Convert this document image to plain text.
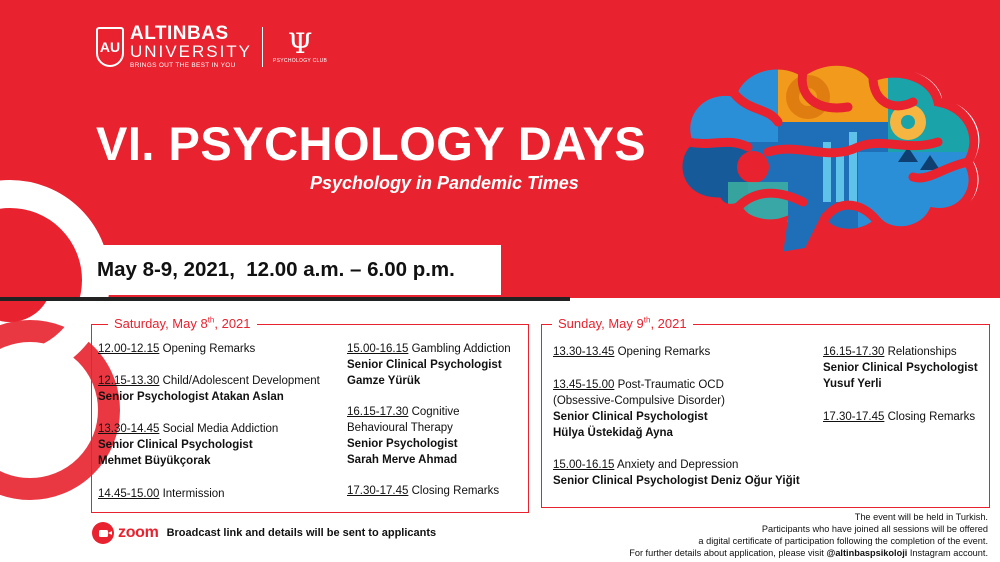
AU
ALTINBAS
UNIVERSITY
BRINGS OUT THE BEST IN YOU
Ψ
PSYCHOLOGY CLUB
VI. PSYCHOLOGY DAYS
Psychology in Pandemic Times
May 8-9, 2021,  12.00 a.m. – 6.00 p.m.
Saturday, May 8th, 2021
12.00-12.15 Opening Remarks
12.15-13.30 Child/Adolescent Development
Senior Psychologist Atakan Aslan
13.30-14.45 Social Media Addiction
Senior Clinical Psychologist
Mehmet Büyükçorak
14.45-15.00 Intermission
15.00-16.15 Gambling Addiction
Senior Clinical Psychologist
Gamze Yürük
16.15-17.30 Cognitive
Behavioural Therapy
Senior Psychologist
Sarah Merve Ahmad
17.30-17.45 Closing Remarks
Sunday, May 9th, 2021
13.30-13.45 Opening Remarks
13.45-15.00 Post-Traumatic OCD
(Obsessive-Compulsive Disorder)
Senior Clinical Psychologist
Hülya Üstekidağ Ayna
15.00-16.15 Anxiety and Depression
Senior Clinical Psychologist Deniz Oğur Yiğit
16.15-17.30 Relationships
Senior Clinical Psychologist
Yusuf Yerli
17.30-17.45 Closing Remarks
zoom Broadcast link and details will be sent to applicants
The event will be held in Turkish.
Participants who have joined all sessions will be offered
a digital certificate of participation following the completion of the event.
For further details about application, please visit @altinbaspsikoloji Instagram account.
